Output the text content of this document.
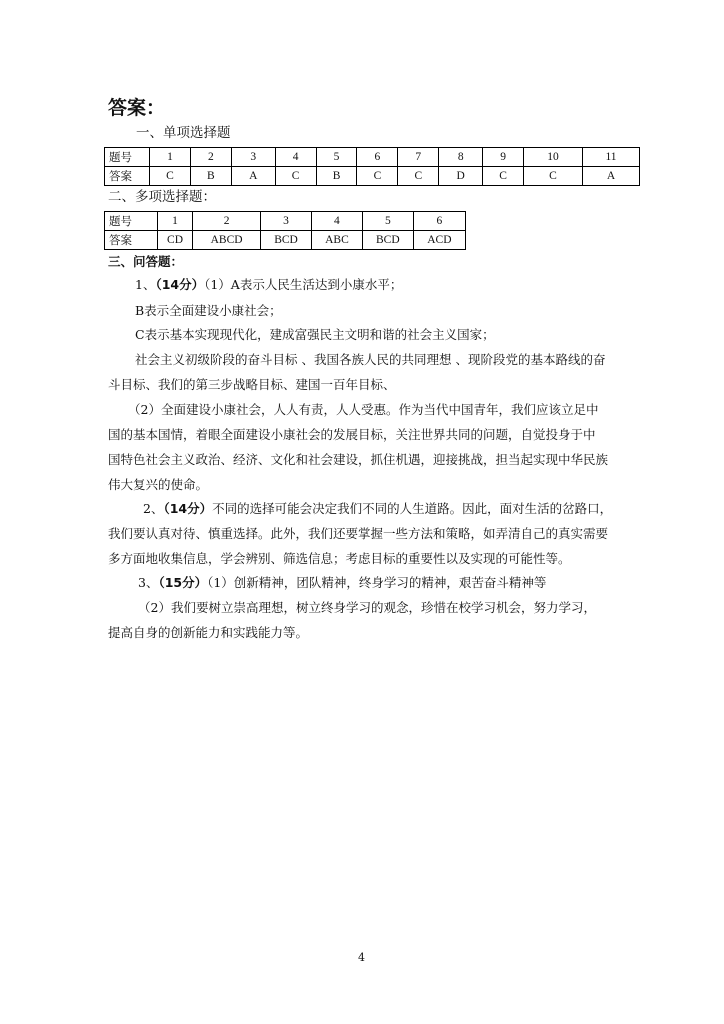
答案：
一、单项选择题
题号	1	2	3	4	5	6	7	8	9	10	11
答案	C	B	A	C	B	C	C	D	C	C	A
二、多项选择题：
题号	1	2	3	4	5	6
答案	CD	ABCD	BCD	ABC	BCD	ACD
三、问答题：
1、（14分）（1）A表示人民生活达到小康水平；
B表示全面建设小康社会；
C表示基本实现现代化，建成富强民主文明和谐的社会主义国家；
社会主义初级阶段的奋斗目标 、我国各族人民的共同理想 、现阶段党的基本路线的奋
斗目标、我们的第三步战略目标、建国一百年目标、
（2）全面建设小康社会，人人有责，人人受惠。作为当代中国青年，我们应该立足中
国的基本国情，着眼全面建设小康社会的发展目标，关注世界共同的问题，自觉投身于中
国特色社会主义政治、经济、文化和社会建设，抓住机遇，迎接挑战，担当起实现中华民族
伟大复兴的使命。
2、（14分）不同的选择可能会决定我们不同的人生道路。因此，面对生活的岔路口，
我们要认真对待、慎重选择。此外，我们还要掌握一些方法和策略，如弄清自己的真实需要
多方面地收集信息，学会辨别、筛选信息；考虑目标的重要性以及实现的可能性等。
3、（15分）（1）创新精神，团队精神，终身学习的精神，艰苦奋斗精神等
（2）我们要树立崇高理想，树立终身学习的观念，珍惜在校学习机会，努力学习，
提高自身的创新能力和实践能力等。
4
